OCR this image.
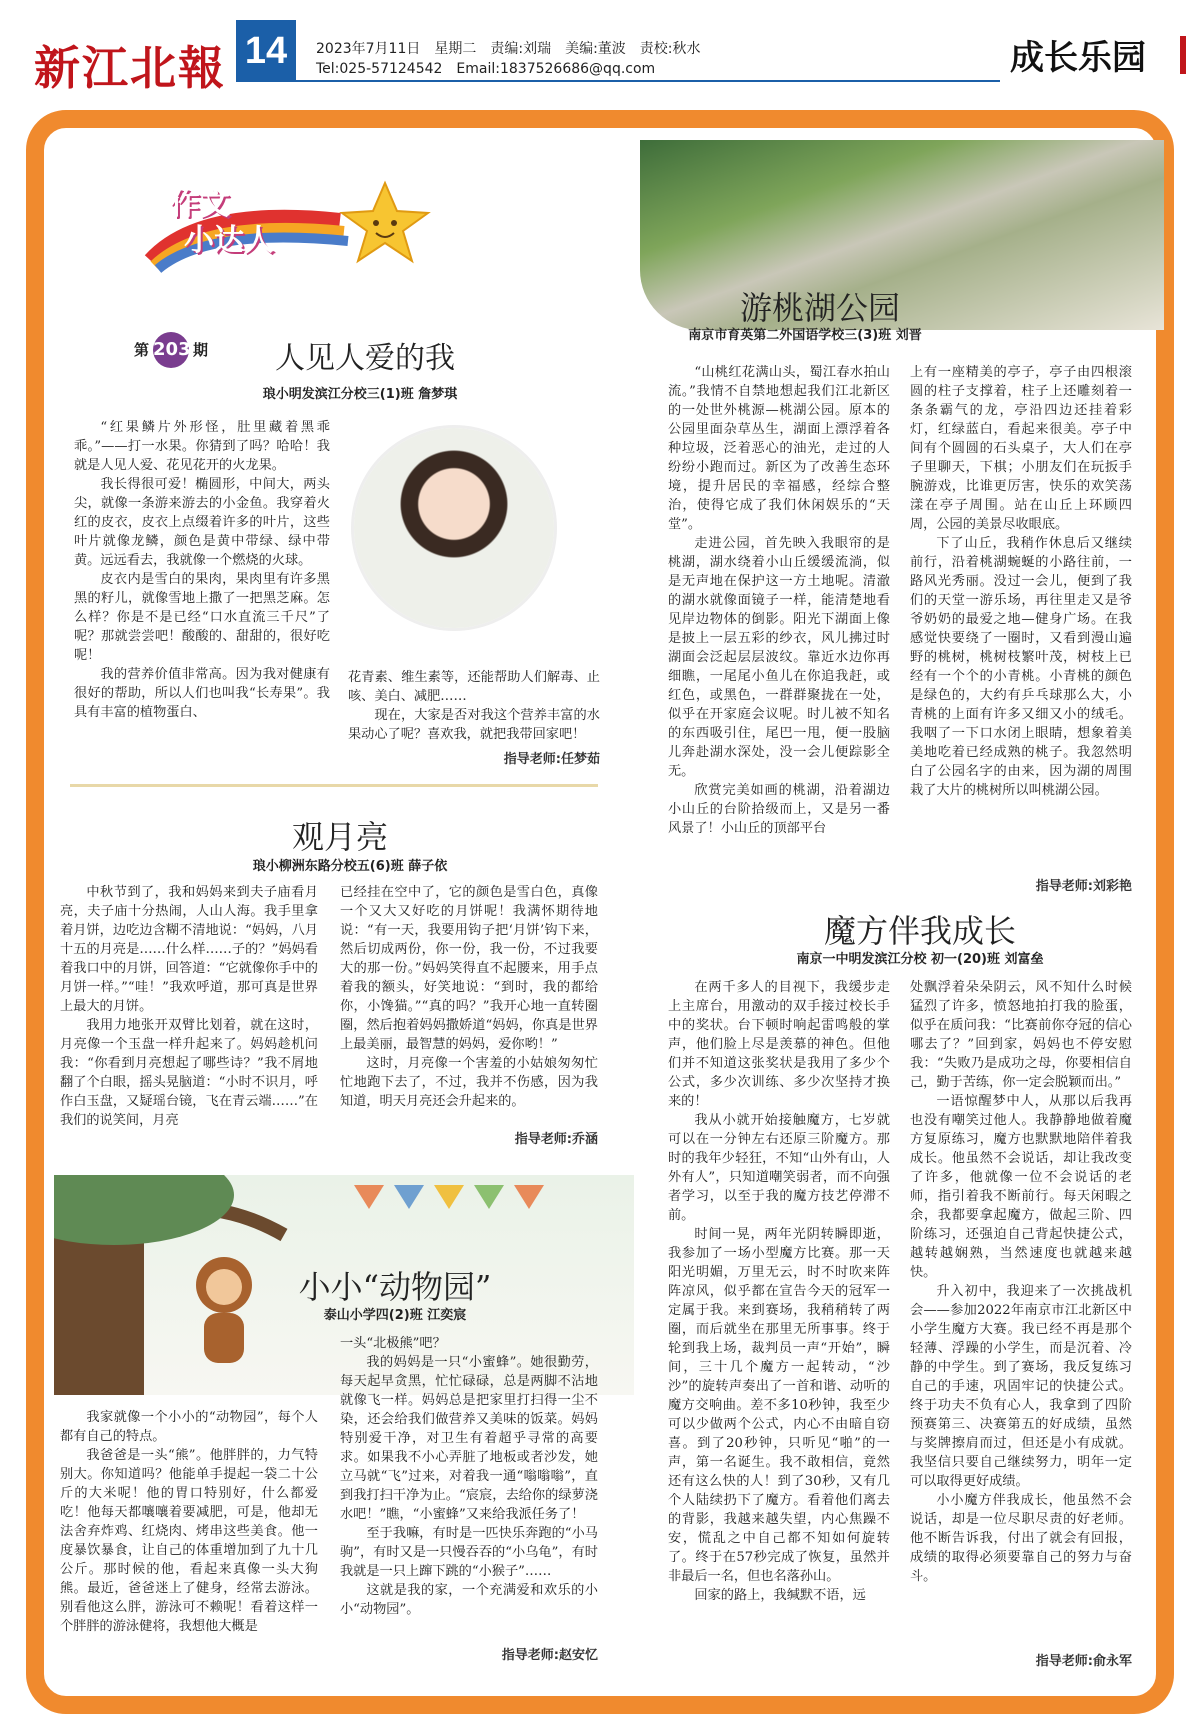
新江北報 14	2023年7月11日　星期二　责编:刘瑞　美编:董波　责校:秋水
Tel:025-57124542　Email:1837526686@qq.com	成长乐园
作文
小达人
第 203 期	人见人爱的我
琅小明发滨江分校三(1)班 詹梦琪

“红果鳞片外形怪，肚里藏着黑乖乖。”——打一水果。你猜到了吗？哈哈！我就是人见人爱、花见花开的火龙果。

我长得很可爱！椭圆形，中间大，两头尖，就像一条游来游去的小金鱼。我穿着火红的皮衣，皮衣上点缀着许多的叶片，这些叶片就像龙鳞，颜色是黄中带绿、绿中带黄。远远看去，我就像一个燃烧的火球。

皮衣内是雪白的果肉，果肉里有许多黑黑的籽儿，就像雪地上撒了一把黑芝麻。怎么样？你是不是已经“口水直流三千尺”了呢？那就尝尝吧！酸酸的、甜甜的，很好吃呢！

我的营养价值非常高。因为我对健康有很好的帮助，所以人们也叫我“长寿果”。我具有丰富的植物蛋白、

花青素、维生素等，还能帮助人们解毒、止咳、美白、减肥……

现在，大家是否对我这个营养丰富的水果动心了呢？喜欢我，就把我带回家吧！

指导老师:任梦茹
游桃湖公园
南京市育英第二外国语学校三(3)班 刘晋

“山桃红花满山头，蜀江春水拍山流。”我情不自禁地想起我们江北新区的一处世外桃源—桃湖公园。原本的公园里面杂草丛生，湖面上漂浮着各种垃圾，泛着恶心的油光，走过的人纷纷小跑而过。新区为了改善生态环境，提升居民的幸福感，经综合整治，使得它成了我们休闲娱乐的“天堂”。

走进公园，首先映入我眼帘的是桃湖，湖水绕着小山丘缓缓流淌，似是无声地在保护这一方土地呢。清澈的湖水就像面镜子一样，能清楚地看见岸边物体的倒影。阳光下湖面上像是披上一层五彩的纱衣，风儿拂过时湖面会泛起层层波纹。靠近水边你再细瞧，一尾尾小鱼儿在你追我赶，或红色，或黑色，一群群聚拢在一处，似乎在开家庭会议呢。时儿被不知名的东西吸引住，尾巴一甩，便一股脑儿奔赴湖水深处，没一会儿便踪影全无。

欣赏完美如画的桃湖，沿着湖边小山丘的台阶拾级而上，又是另一番风景了！小山丘的顶部平台

上有一座精美的亭子，亭子由四根滚圆的柱子支撑着，柱子上还雕刻着一条条霸气的龙，亭沿四边还挂着彩灯，红绿蓝白，看起来很美。亭子中间有个圆圆的石头桌子，大人们在亭子里聊天，下棋；小朋友们在玩扳手腕游戏，比谁更厉害，快乐的欢笑荡漾在亭子周围。站在山丘上环顾四周，公园的美景尽收眼底。

下了山丘，我稍作休息后又继续前行，沿着桃湖蜿蜒的小路往前，一路风光秀丽。没过一会儿，便到了我们的天堂一游乐场，再往里走又是爷爷奶奶的最爱之地—健身广场。在我感觉快要绕了一圈时，又看到漫山遍野的桃树，桃树枝繁叶茂，树枝上已经有一个个的小青桃。小青桃的颜色是绿色的，大约有乒乓球那么大，小青桃的上面有许多又细又小的绒毛。我咽了一下口水闭上眼睛，想象着美美地吃着已经成熟的桃子。我忽然明白了公园名字的由来，因为湖的周围栽了大片的桃树所以叫桃湖公园。

指导老师:刘彩艳
观月亮
琅小柳洲东路分校五(6)班 薛子依

中秋节到了，我和妈妈来到夫子庙看月亮，夫子庙十分热闹，人山人海。我手里拿着月饼，边吃边含糊不清地说：“妈妈，八月十五的月亮是……什么样……子的？”妈妈看着我口中的月饼，回答道：“它就像你手中的月饼一样。”“哇！”我欢呼道，那可真是世界上最大的月饼。

我用力地张开双臂比划着，就在这时，月亮像一个玉盘一样升起来了。妈妈趁机问我：“你看到月亮想起了哪些诗？”我不屑地翻了个白眼，摇头晃脑道：“小时不识月，呼作白玉盘，又疑瑶台镜，飞在青云端……”在我们的说笑间，月亮

已经挂在空中了，它的颜色是雪白色，真像一个又大又好吃的月饼呢！我满怀期待地说：“有一天，我要用钩子把‘月饼’钩下来，然后切成两份，你一份，我一份，不过我要大的那一份。”妈妈笑得直不起腰来，用手点着我的额头，好笑地说：“到时，我的都给你，小馋猫。”“真的吗？”我开心地一直转圈圈，然后抱着妈妈撒娇道“妈妈，你真是世界上最美丽，最智慧的妈妈，爱你哟！”

这时，月亮像一个害羞的小姑娘匆匆忙忙地跑下去了，不过，我并不伤感，因为我知道，明天月亮还会升起来的。

指导老师:乔涵
魔方伴我成长
南京一中明发滨江分校 初一(20)班 刘富垒

在两千多人的目视下，我缓步走上主席台，用激动的双手接过校长手中的奖状。台下顿时响起雷鸣般的掌声，他们脸上尽是羡慕的神色。但他们并不知道这张奖状是我用了多少个公式，多少次训练、多少次坚持才换来的！

我从小就开始接触魔方，七岁就可以在一分钟左右还原三阶魔方。那时的我年少轻狂，不知“山外有山，人外有人”，只知道嘲笑弱者，而不向强者学习，以至于我的魔方技艺停滞不前。

时间一晃，两年光阴转瞬即逝，我参加了一场小型魔方比赛。那一天阳光明媚，万里无云，时不时吹来阵阵凉风，似乎都在宣告今天的冠军一定属于我。来到赛场，我稍稍转了两圈，而后就坐在那里无所事事。终于轮到我上场，裁判员一声“开始”，瞬间，三十几个魔方一起转动，“沙沙”的旋转声奏出了一首和谐、动听的魔方交响曲。差不多10秒钟，我至少可以少做两个公式，内心不由暗自窃喜。到了20秒钟，只听见“啪”的一声，第一名诞生。我不敢相信，竟然还有这么快的人！到了30秒，又有几个人陆续扔下了魔方。看着他们离去的背影，我越来越失望，内心焦躁不安，慌乱之中自己都不知如何旋转了。终于在57秒完成了恢复，虽然并非最后一名，但也名落孙山。

回家的路上，我缄默不语，远

处飘浮着朵朵阴云，风不知什么时候猛烈了许多，愤怒地拍打我的脸蛋，似乎在质问我：“比赛前你夺冠的信心哪去了？”回到家，妈妈也不停安慰我：“失败乃是成功之母，你要相信自己，勤于苦练，你一定会脱颖而出。”

一语惊醒梦中人，从那以后我再也没有嘲笑过他人。我静静地做着魔方复原练习，魔方也默默地陪伴着我成长。他虽然不会说话，却让我改变了许多，他就像一位不会说话的老师，指引着我不断前行。每天闲暇之余，我都要拿起魔方，做起三阶、四阶练习，还强迫自己背起快捷公式，越转越娴熟，当然速度也就越来越快。

升入初中，我迎来了一次挑战机会——参加2022年南京市江北新区中小学生魔方大赛。我已经不再是那个轻薄、浮躁的小学生，而是沉着、冷静的中学生。到了赛场，我反复练习自己的手速，巩固牢记的快捷公式。终于功夫不负有心人，我拿到了四阶预赛第三、决赛第五的好成绩，虽然与奖牌擦肩而过，但还是小有成就。我坚信只要自己继续努力，明年一定可以取得更好成绩。

小小魔方伴我成长，他虽然不会说话，却是一位尽职尽责的好老师。他不断告诉我，付出了就会有回报，成绩的取得必须要靠自己的努力与奋斗。

指导老师:俞永军
小小“动物园”
泰山小学四(2)班 江奕宸

我家就像一个小小的“动物园”，每个人都有自己的特点。

我爸爸是一头“熊”。他胖胖的，力气特别大。你知道吗？他能单手提起一袋二十公斤的大米呢！他的胃口特别好，什么都爱吃！他每天都嚷嚷着要减肥，可是，他却无法舍弃炸鸡、红烧肉、烤串这些美食。他一度暴饮暴食，让自己的体重增加到了九十几公斤。那时候的他，看起来真像一头大狗熊。最近，爸爸迷上了健身，经常去游泳。别看他这么胖，游泳可不赖呢！看着这样一个胖胖的游泳健将，我想他大概是

一头“北极熊”吧？

我的妈妈是一只“小蜜蜂”。她很勤劳，每天起早贪黑，忙忙碌碌，总是两脚不沾地就像飞一样。妈妈总是把家里打扫得一尘不染，还会给我们做营养又美味的饭菜。妈妈特别爱干净，对卫生有着超乎寻常的高要求。如果我不小心弄脏了地板或者沙发，她立马就“飞”过来，对着我一通“嗡嗡嗡”，直到我打扫干净为止。“宸宸，去给你的绿萝浇水吧！”瞧，“小蜜蜂”又来给我派任务了！

至于我嘛，有时是一匹快乐奔跑的“小马驹”，有时又是一只慢吞吞的“小乌龟”，有时我就是一只上蹿下跳的“小猴子”……

这就是我的家，一个充满爱和欢乐的小小“动物园”。

指导老师:赵安忆
